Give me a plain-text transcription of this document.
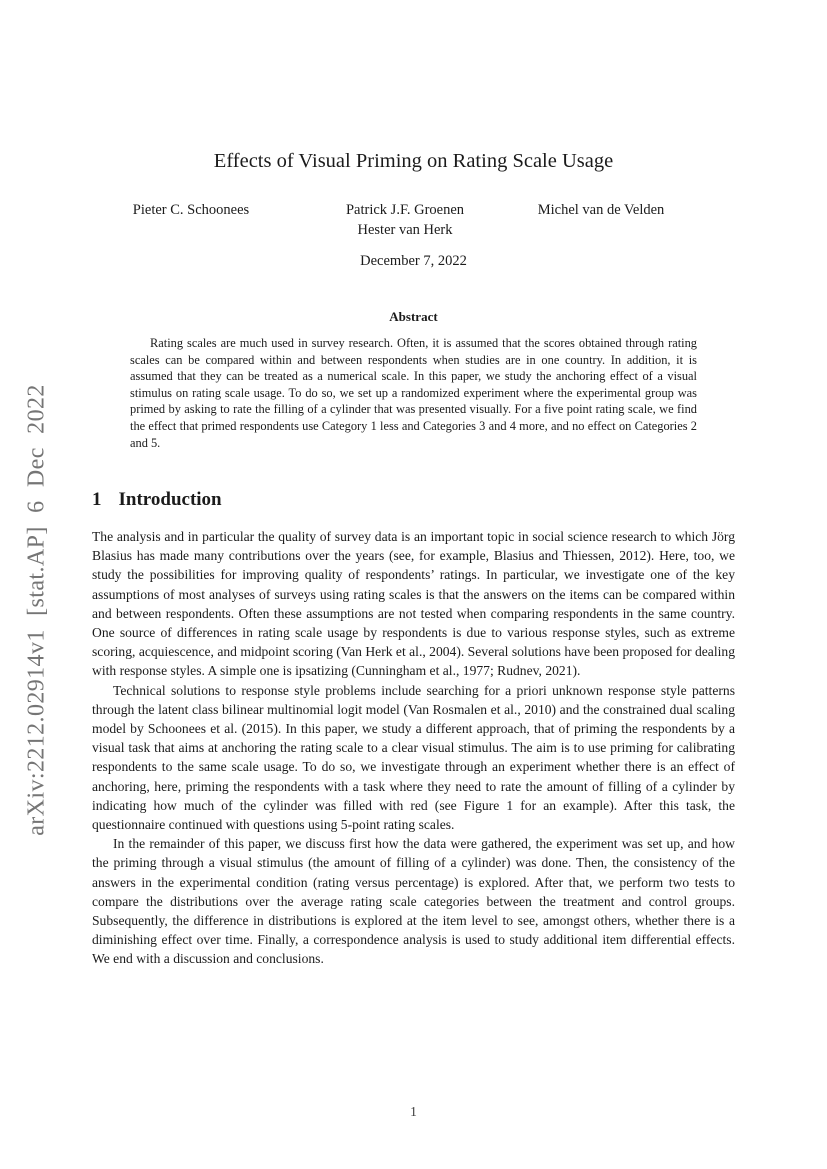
arXiv:2212.02914v1 [stat.AP] 6 Dec 2022
Effects of Visual Priming on Rating Scale Usage
Pieter C. Schoonees	Patrick J.F. Groenen
Hester van Herk
Michel van de Velden
December 7, 2022
Abstract

Rating scales are much used in survey research. Often, it is assumed that the scores obtained through rating scales can be compared within and between respondents when studies are in one country. In addition, it is assumed that they can be treated as a numerical scale. In this paper, we study the anchoring effect of a visual stimulus on rating scale usage. To do so, we set up a randomized experiment where the experimental group was primed by asking to rate the filling of a cylinder that was presented visually. For a five point rating scale, we find the effect that primed respondents use Category 1 less and Categories 3 and 4 more, and no effect on Categories 2 and 5.

1 Introduction

The analysis and in particular the quality of survey data is an important topic in social science research to which Jörg Blasius has made many contributions over the years (see, for example, Blasius and Thiessen, 2012). Here, too, we study the possibilities for improving quality of respondents’ ratings. In particular, we investigate one of the key assumptions of most analyses of surveys using rating scales is that the answers on the items can be compared within and between respondents. Often these assumptions are not tested when comparing respondents in the same country. One source of differences in rating scale usage by respondents is due to various response styles, such as extreme scoring, acquiescence, and midpoint scoring (Van Herk et al., 2004). Several solutions have been proposed for dealing with response styles. A simple one is ipsatizing (Cunningham et al., 1977; Rudnev, 2021).

Technical solutions to response style problems include searching for a priori unknown response style patterns through the latent class bilinear multinomial logit model (Van Rosmalen et al., 2010) and the constrained dual scaling model by Schoonees et al. (2015). In this paper, we study a different approach, that of priming the respondents by a visual task that aims at anchoring the rating scale to a clear visual stimulus. The aim is to use priming for calibrating respondents to the same scale usage. To do so, we investigate through an experiment whether there is an effect of anchoring, here, priming the respondents with a task where they need to rate the amount of filling of a cylinder by indicating how much of the cylinder was filled with red (see Figure 1 for an example). After this task, the questionnaire continued with questions using 5-point rating scales.

In the remainder of this paper, we discuss first how the data were gathered, the experiment was set up, and how the priming through a visual stimulus (the amount of filling of a cylinder) was done. Then, the consistency of the answers in the experimental condition (rating versus percentage) is explored. After that, we perform two tests to compare the distributions over the average rating scale categories between the treatment and control groups. Subsequently, the difference in distributions is explored at the item level to see, amongst others, whether there is a diminishing effect over time. Finally, a correspondence analysis is used to study additional item differential effects. We end with a discussion and conclusions.

1
